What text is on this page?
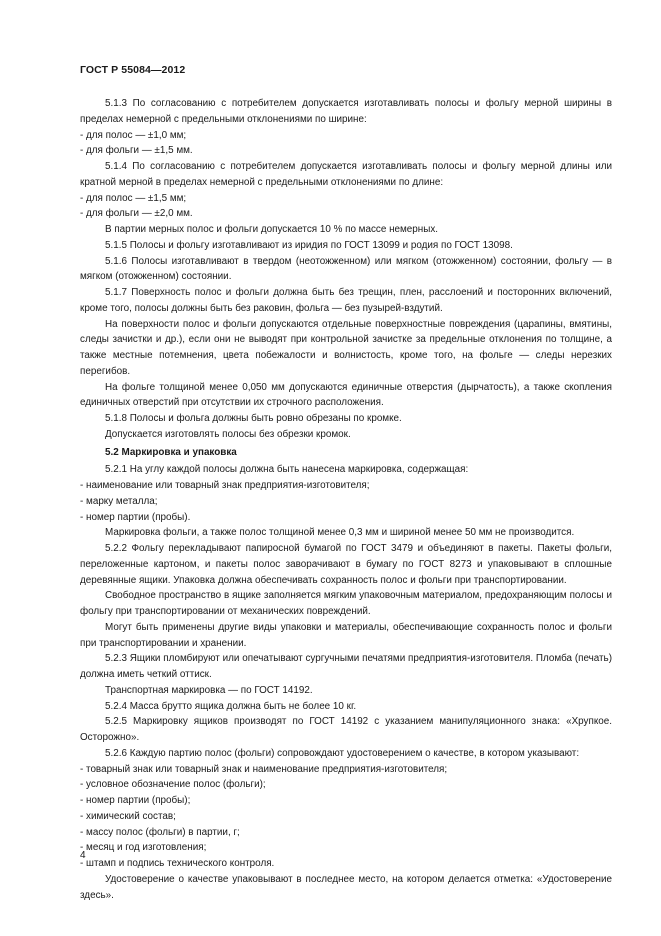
ГОСТ Р 55084—2012

5.1.3 По согласованию с потребителем допускается изготавливать полосы и фольгу мерной ширины в пределах немерной с предельными отклонениями по ширине:

- для полос — ±1,0 мм;

- для фольги — ±1,5 мм.

5.1.4 По согласованию с потребителем допускается изготавливать полосы и фольгу мерной длины или кратной мерной в пределах немерной с предельными отклонениями по длине:

- для полос — ±1,5 мм;

- для фольги — ±2,0 мм.

В партии мерных полос и фольги допускается 10 % по массе немерных.

5.1.5 Полосы и фольгу изготавливают из иридия по ГОСТ 13099 и родия по ГОСТ 13098.

5.1.6 Полосы изготавливают в твердом (неотожженном) или мягком (отожженном) состоянии, фольгу — в мягком (отожженном) состоянии.

5.1.7 Поверхность полос и фольги должна быть без трещин, плен, расслоений и посторонних включений, кроме того, полосы должны быть без раковин, фольга — без пузырей-вздутий.

На поверхности полос и фольги допускаются отдельные поверхностные повреждения (царапины, вмятины, следы зачистки и др.), если они не выводят при контрольной зачистке за предельные отклонения по толщине, а также местные потемнения, цвета побежалости и волнистость, кроме того, на фольге — следы нерезких перегибов.

На фольге толщиной менее 0,050 мм допускаются единичные отверстия (дырчатость), а также скопления единичных отверстий при отсутствии их строчного расположения.

5.1.8 Полосы и фольга должны быть ровно обрезаны по кромке.

Допускается изготовлять полосы без обрезки кромок.

5.2 Маркировка и упаковка

5.2.1 На углу каждой полосы должна быть нанесена маркировка, содержащая:

- наименование или товарный знак предприятия-изготовителя;

- марку металла;

- номер партии (пробы).

Маркировка фольги, а также полос толщиной менее 0,3 мм и шириной менее 50 мм не производится.

5.2.2 Фольгу перекладывают папиросной бумагой по ГОСТ 3479 и объединяют в пакеты. Пакеты фольги, переложенные картоном, и пакеты полос заворачивают в бумагу по ГОСТ 8273 и упаковывают в сплошные деревянные ящики. Упаковка должна обеспечивать сохранность полос и фольги при транспортировании.

Свободное пространство в ящике заполняется мягким упаковочным материалом, предохраняющим полосы и фольгу при транспортировании от механических повреждений.

Могут быть применены другие виды упаковки и материалы, обеспечивающие сохранность полос и фольги при транспортировании и хранении.

5.2.3 Ящики пломбируют или опечатывают сургучными печатями предприятия-изготовителя. Пломба (печать) должна иметь четкий оттиск.

Транспортная маркировка — по ГОСТ 14192.

5.2.4 Масса брутто ящика должна быть не более 10 кг.

5.2.5 Маркировку ящиков производят по ГОСТ 14192 с указанием манипуляционного знака: «Хрупкое. Осторожно».

5.2.6 Каждую партию полос (фольги) сопровождают удостоверением о качестве, в котором указывают:

- товарный знак или товарный знак и наименование предприятия-изготовителя;

- условное обозначение полос (фольги);

- номер партии (пробы);

- химический состав;

- массу полос (фольги) в партии, г;

- месяц и год изготовления;

- штамп и подпись технического контроля.

Удостоверение о качестве упаковывают в последнее место, на котором делается отметка: «Удостоверение здесь».

4
